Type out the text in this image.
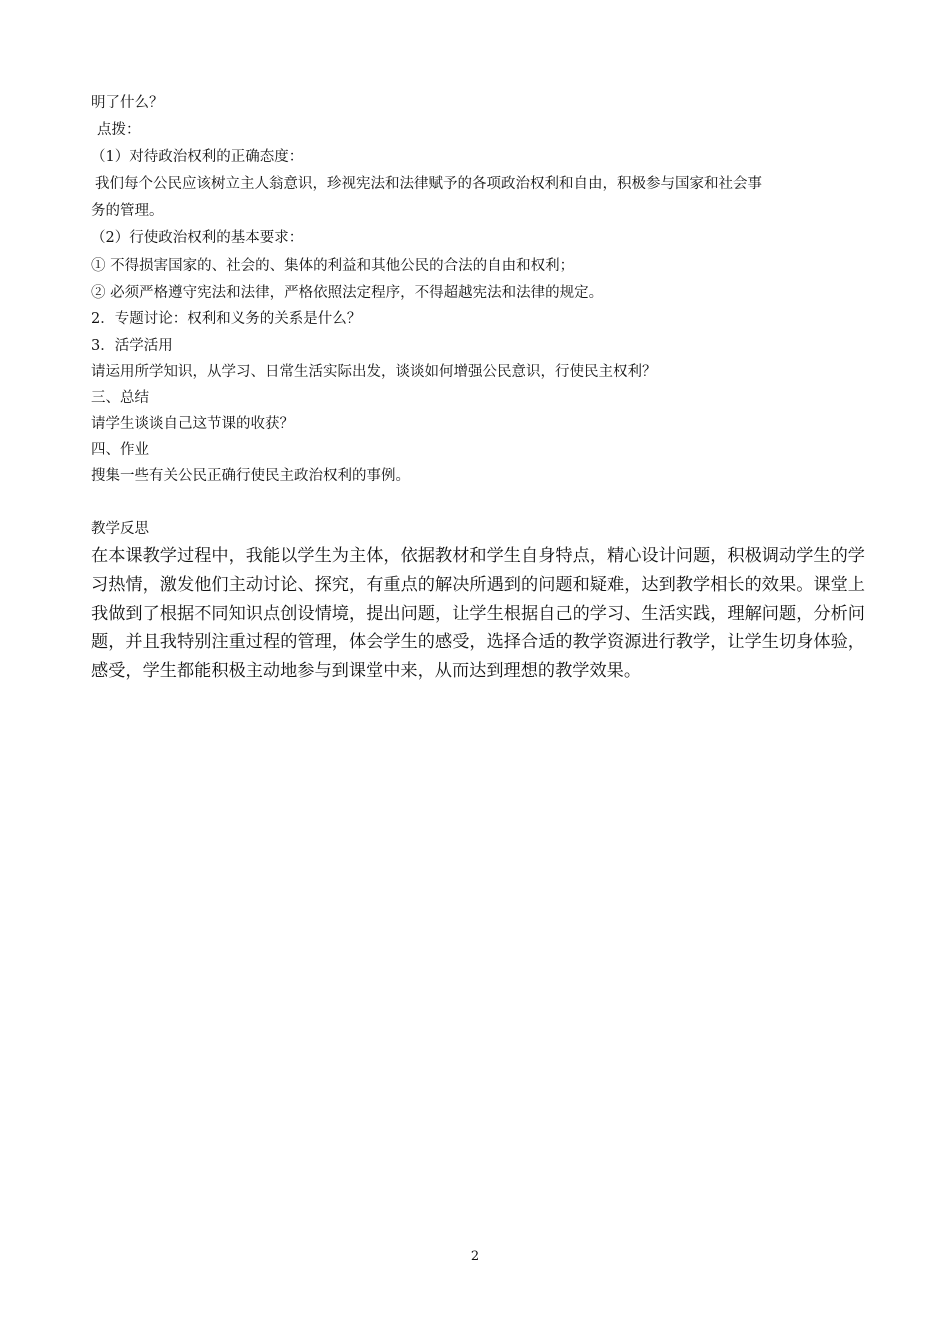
明了什么？
点拨：
（1）对待政治权利的正确态度：
我们每个公民应该树立主人翁意识，珍视宪法和法律赋予的各项政治权利和自由，积极参与国家和社会事
务的管理。
（2）行使政治权利的基本要求：
① 不得损害国家的、社会的、集体的利益和其他公民的合法的自由和权利；
② 必须严格遵守宪法和法律，严格依照法定程序，不得超越宪法和法律的规定。
2．专题讨论：权利和义务的关系是什么？
3．活学活用
请运用所学知识，从学习、日常生活实际出发，谈谈如何增强公民意识，行使民主权利？
三、总结
请学生谈谈自己这节课的收获？
四、作业
搜集一些有关公民正确行使民主政治权利的事例。
教学反思
在本课教学过程中，我能以学生为主体，依据教材和学生自身特点，精心设计问题，积极调动学生的学习热情，激发他们主动讨论、探究，有重点的解决所遇到的问题和疑难，达到教学相长的效果。课堂上我做到了根据不同知识点创设情境，提出问题，让学生根据自己的学习、生活实践，理解问题，分析问题，并且我特别注重过程的管理，体会学生的感受，选择合适的教学资源进行教学，让学生切身体验，感受，学生都能积极主动地参与到课堂中来，从而达到理想的教学效果。
2
